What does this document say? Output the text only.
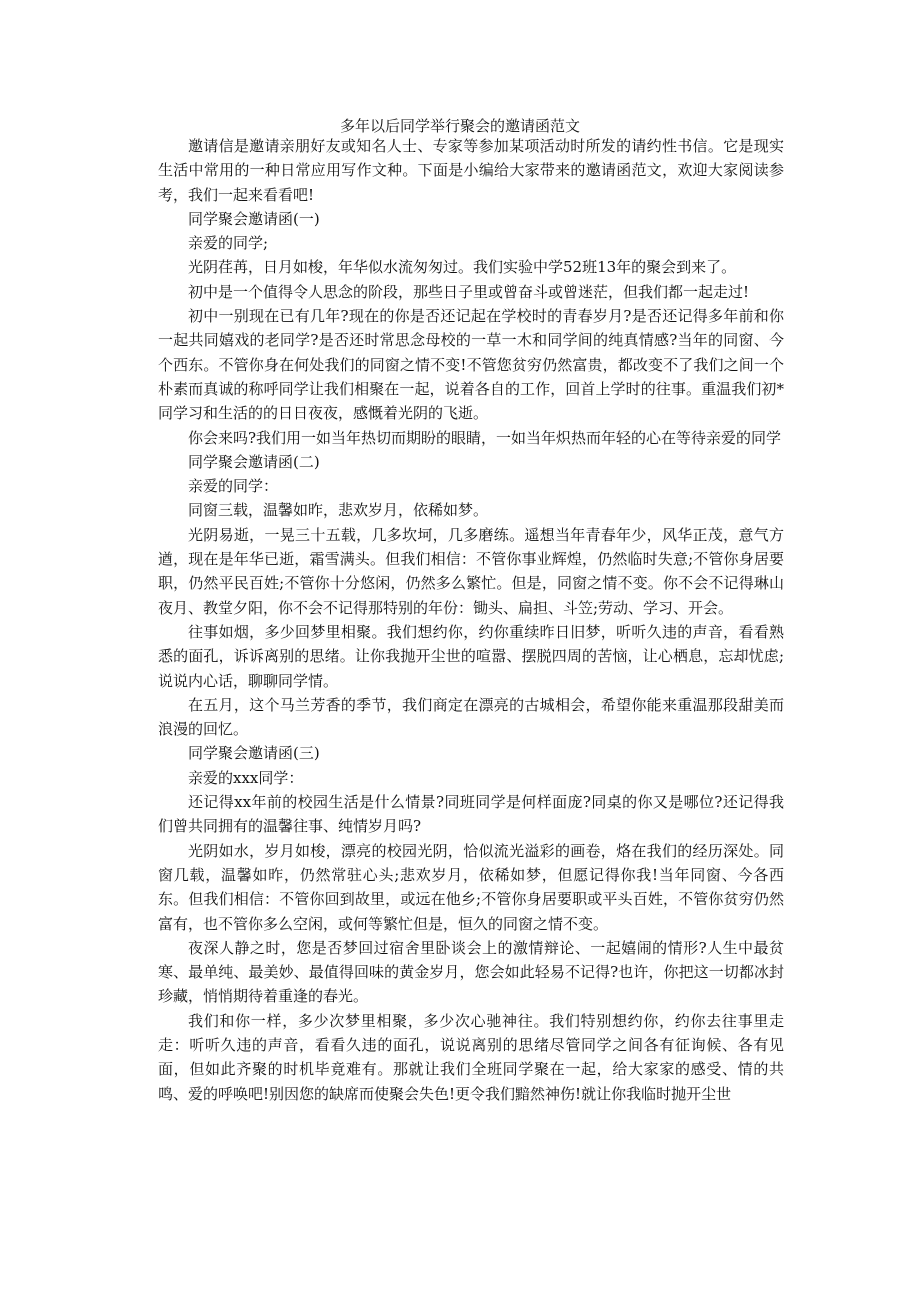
多年以后同学举行聚会的邀请函范文

邀请信是邀请亲朋好友或知名人士、专家等参加某项活动时所发的请约性书信。它是现实生活中常用的一种日常应用写作文种。下面是小编给大家带来的邀请函范文，欢迎大家阅读参考，我们一起来看看吧!

同学聚会邀请函(一)

亲爱的同学;

光阴荏苒，日月如梭，年华似水流匆匆过。我们实验中学52班13年的聚会到来了。

初中是一个值得令人思念的阶段，那些日子里或曾奋斗或曾迷茫，但我们都一起走过!

初中一别现在已有几年?现在的你是否还记起在学校时的青春岁月?是否还记得多年前和你一起共同嬉戏的老同学?是否还时常思念母校的一草一木和同学间的纯真情感?当年的同窗、今个西东。不管你身在何处我们的同窗之情不变!不管您贫穷仍然富贵，都改变不了我们之间一个朴素而真诚的称呼同学让我们相聚在一起，说着各自的工作，回首上学时的往事。重温我们初*同学习和生活的的日日夜夜，感慨着光阴的飞逝。

你会来吗?我们用一如当年热切而期盼的眼睛，一如当年炽热而年轻的心在等待亲爱的同学

同学聚会邀请函(二)

亲爱的同学：

同窗三载，温馨如昨，悲欢岁月，依稀如梦。

光阴易逝，一晃三十五载，几多坎坷，几多磨练。遥想当年青春年少，风华正茂，意气方遒，现在是年华已逝，霜雪满头。但我们相信：不管你事业辉煌，仍然临时失意;不管你身居要职，仍然平民百姓;不管你十分悠闲，仍然多么繁忙。但是，同窗之情不变。你不会不记得琳山夜月、教堂夕阳，你不会不记得那特别的年份：锄头、扁担、斗笠;劳动、学习、开会。

往事如烟，多少回梦里相聚。我们想约你，约你重续昨日旧梦，听听久违的声音，看看熟悉的面孔，诉诉离别的思绪。让你我抛开尘世的喧嚣、摆脱四周的苦恼，让心栖息，忘却忧虑;说说内心话，聊聊同学情。

在五月，这个马兰芳香的季节，我们商定在漂亮的古城相会，希望你能来重温那段甜美而浪漫的回忆。

同学聚会邀请函(三)

亲爱的xxx同学：

还记得xx年前的校园生活是什么情景?同班同学是何样面庞?同桌的你又是哪位?还记得我们曾共同拥有的温馨往事、纯情岁月吗?

光阴如水，岁月如梭，漂亮的校园光阴，恰似流光溢彩的画卷，烙在我们的经历深处。同窗几载，温馨如昨，仍然常驻心头;悲欢岁月，依稀如梦，但愿记得你我!当年同窗、今各西东。但我们相信：不管你回到故里，或远在他乡;不管你身居要职或平头百姓，不管你贫穷仍然富有，也不管你多么空闲，或何等繁忙但是，恒久的同窗之情不变。

夜深人静之时，您是否梦回过宿舍里卧谈会上的激情辩论、一起嬉闹的情形?人生中最贫寒、最单纯、最美妙、最值得回味的黄金岁月，您会如此轻易不记得?也许，你把这一切都冰封珍藏，悄悄期待着重逢的春光。

我们和你一样，多少次梦里相聚，多少次心驰神往。我们特别想约你，约你去往事里走走：听听久违的声音，看看久违的面孔，说说离别的思绪尽管同学之间各有征询候、各有见面，但如此齐聚的时机毕竟难有。那就让我们全班同学聚在一起，给大家家的感受、情的共鸣、爱的呼唤吧!别因您的缺席而使聚会失色!更令我们黯然神伤!就让你我临时抛开尘世
